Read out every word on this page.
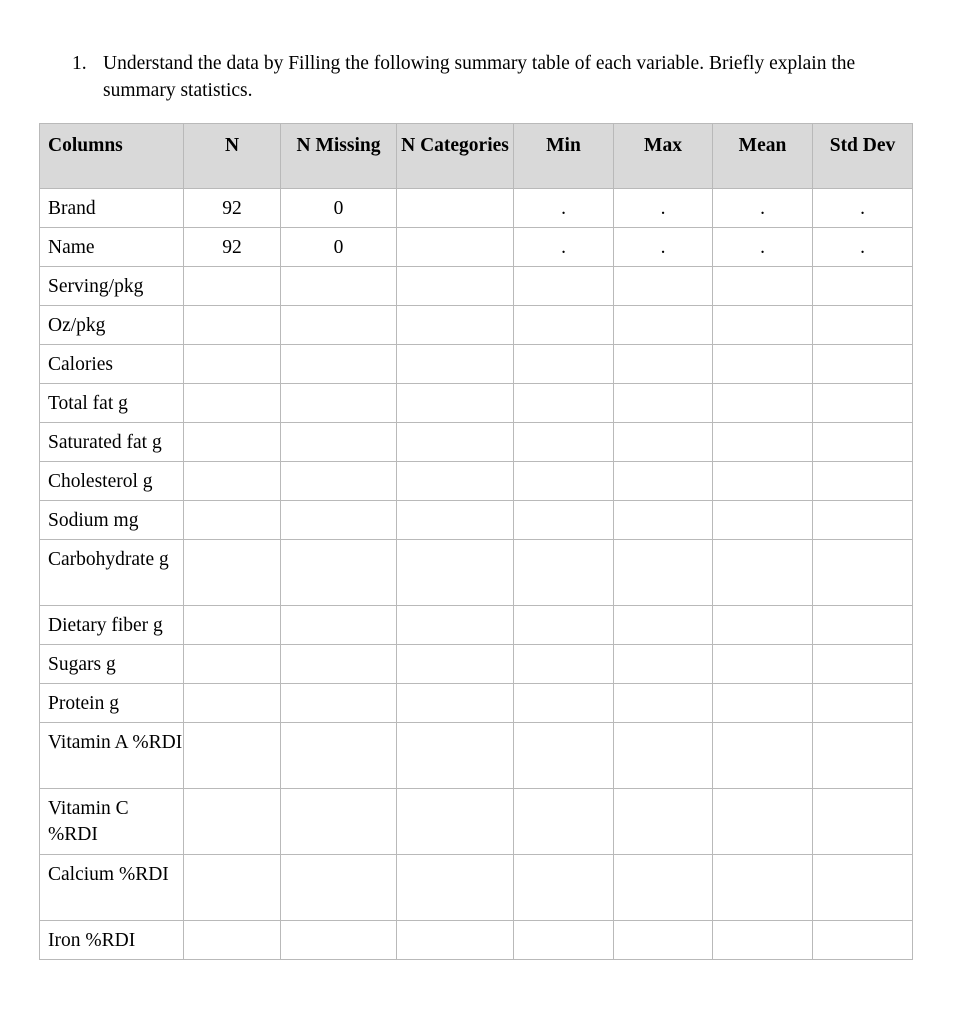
1. Understand the data by Filling the following summary table of each variable. Briefly explain the summary statistics.
Columns	N	N Missing	N Categories	Min	Max	Mean	Std Dev
Brand	92	0		.	.	.	.
Name	92	0		.	.	.	.
Serving/pkg							
Oz/pkg							
Calories							
Total fat g							
Saturated fat g							
Cholesterol g							
Sodium mg							
Carbohydrate g							
Dietary fiber g							
Sugars g							
Protein g							
Vitamin A %RDI							
Vitamin C %RDI							
Calcium %RDI							
Iron %RDI							
